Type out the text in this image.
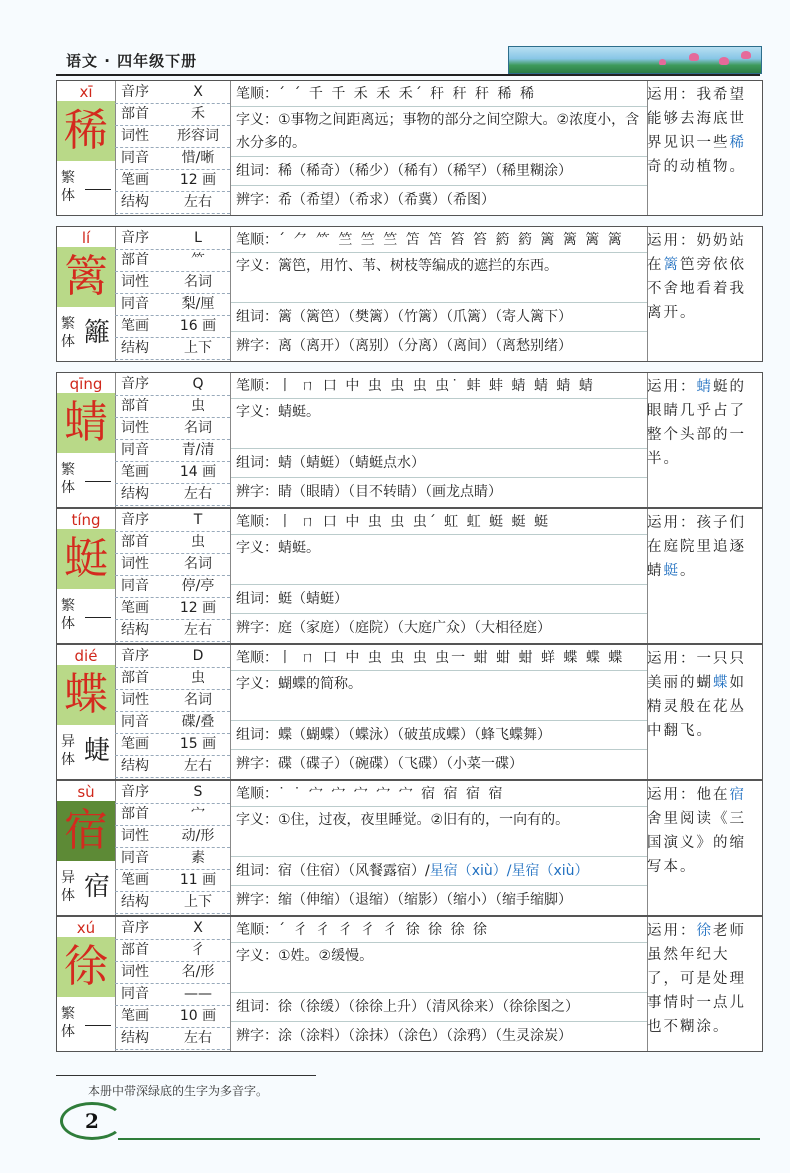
语文 · 四年级下册
xī
稀
繁体
音序	X
部首	禾
词性	形容词
同音	惜/晰
笔画	12 画
结构	左右
笔顺：´ ˊ 千 千 禾 禾 禾´ 秆 秆 秆 稀 稀
字义：①事物之间距离远；事物的部分之间空隙大。②浓度小，含水分多的。
组词：稀（稀奇）（稀少）（稀有）（稀罕）（稀里糊涂）
辨字：希（希望）（希求）（希冀）（希图）
运用：我希望能够去海底世界见识一些稀奇的动植物。
lí
篱
繁体 籬
音序	L
部首	⺮
词性	名词
同音	梨/厘
笔画	16 画
结构	上下
笔顺：´ ⺈ ⺮ 竺 竺 竺 笘 笘 笞 笞 箹 箹 篱 篱 篱 篱
字义：篱笆，用竹、苇、树枝等编成的遮拦的东西。
组词：篱（篱笆）（樊篱）（竹篱）（爪篱）（寄人篱下）
辨字：离（离开）（离别）（分离）（离间）（离愁别绪）
运用：奶奶站在篱笆旁依依不舍地看着我离开。
qīng
蜻
繁体
音序	Q
部首	虫
词性	名词
同音	青/清
笔画	14 画
结构	左右
笔顺：丨 ㄇ 口 中 虫 虫 虫 虫˙ 蚌 蚌 蜻 蜻 蜻 蜻
字义：蜻蜓。
组词：蜻（蜻蜓）（蜻蜓点水）
辨字：睛（眼睛）（目不转睛）（画龙点睛）
运用：蜻蜓的眼睛几乎占了整个头部的一半。
tíng
蜓
繁体
音序	T
部首	虫
词性	名词
同音	停/亭
笔画	12 画
结构	左右
笔顺：丨 ㄇ 口 中 虫 虫 虫´ 虹 虹 蜓 蜓 蜓
字义：蜻蜓。
组词：蜓（蜻蜓）
辨字：庭（家庭）（庭院）（大庭广众）（大相径庭）
运用：孩子们在庭院里追逐蜻蜓。
dié
蝶
异体 蜨
音序	D
部首	虫
词性	名词
同音	碟/叠
笔画	15 画
结构	左右
笔顺：丨 ㄇ 口 中 虫 虫 虫 虫一 蚶 蚶 蚶 蛘 蝶 蝶 蝶
字义：蝴蝶的简称。
组词：蝶（蝴蝶）（蝶泳）（破茧成蝶）（蜂飞蝶舞）
辨字：碟（碟子）（碗碟）（飞碟）（小菜一碟）
运用：一只只美丽的蝴蝶如精灵般在花丛中翻飞。
sù
宿
异体 宿
音序	S
部首	宀
词性	动/形
同音	素
笔画	11 画
结构	上下
笔顺：˙ ˙ 宀 宀 宀 宀 宀 宿 宿 宿 宿
字义：①住，过夜，夜里睡觉。②旧有的，一向有的。
组词：宿（住宿）（风餐露宿）/星宿（xiù）/星宿（xiù）
辨字：缩（伸缩）（退缩）（缩影）（缩小）（缩手缩脚）
运用：他在宿舍里阅读《三国演义》的缩写本。
xú
徐
繁体
音序	X
部首	彳
词性	名/形
同音	——
笔画	10 画
结构	左右
笔顺：´ 彳 彳 彳 彳 彳 徐 徐 徐 徐
字义：①姓。②缓慢。
组词：徐（徐缓）（徐徐上升）（清风徐来）（徐徐图之）
辨字：涂（涂料）（涂抹）（涂色）（涂鸦）（生灵涂炭）
运用：徐老师虽然年纪大了，可是处理事情时一点儿也不糊涂。
本册中带深绿底的生字为多音字。
2
